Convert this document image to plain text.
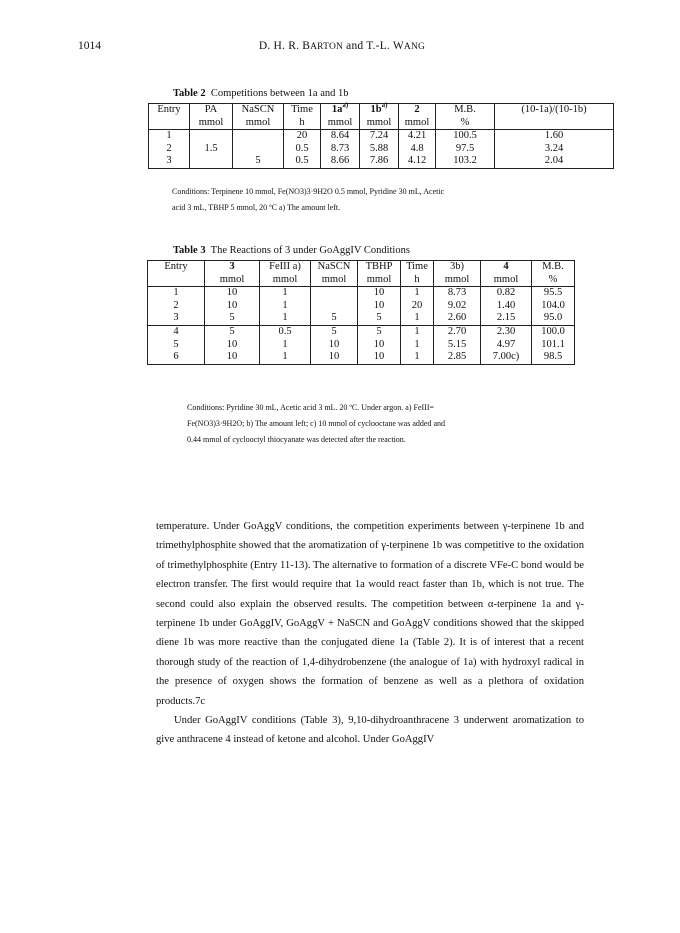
1014	D. H. R. BARTON and T.-L. WANG
Table 2 Competitions between 1a and 1b
Entry	PA	NaSCN	Time	$1a^{a)}$	$1b^{a)}$	2	M.B.	(10-1a)/(10-1b)
	mmol	mmol	h	mmol	mmol	mmol	%	
1			20	8.64	7.24	4.21	100.5	1.60
2	1.5		0.5	8.73	5.88	4.8	97.5	3.24
3		5	0.5	8.66	7.86	4.12	103.2	2.04
Conditions: Terpinene 10 mmol, Fe(NO3)3·9H2O 0.5 mmol, Pyridine 30 mL, Acetic
acid 3 mL, TBHP 5 mmol, 20 ºC a) The amount left.
Table 3 The Reactions of 3 under GoAggIV Conditions
Entry	3	FeIII a)	NaSCN	TBHP	Time	3b)	4	M.B.
	mmol	mmol	mmol	mmol	h	mmol	mmol	%
1	10	1		10	1	8.73	0.82	95.5
2	10	1		10	20	9.02	1.40	104.0
3	5	1	5	5	1	2.60	2.15	95.0
4	5	0.5	5	5	1	2.70	2.30	100.0
5	10	1	10	10	1	5.15	4.97	101.1
6	10	1	10	10	1	2.85	7.00c)	98.5
Conditions: Pyridine 30 mL, Acetic acid 3 mL. 20 ºC. Under argon. a) FeIII=
Fe(NO3)3·9H2O; b) The amount left; c) 10 mmol of cyclooctane was added and
0.44 mmol of cyclooctyl thiocyanate was detected after the reaction.

temperature. Under GoAggV conditions, the competition experiments between γ-terpinene 1b and trimethylphosphite showed that the aromatization of γ-terpinene 1b was competitive to the oxidation of trimethylphosphite (Entry 11-13). The alternative to formation of a discrete VFe-C bond would be electron transfer. The first would require that 1a would react faster than 1b, which is not true. The second could also explain the observed results. The competition between α-terpinene 1a and γ-terpinene 1b under GoAggIV, GoAggV + NaSCN and GoAggV conditions showed that the skipped diene 1b was more reactive than the conjugated diene 1a (Table 2). It is of interest that a recent thorough study of the reaction of 1,4-dihydrobenzene (the analogue of 1a) with hydroxyl radical in the presence of oxygen shows the formation of benzene as well as a plethora of oxidation products.7c

Under GoAggIV conditions (Table 3), 9,10-dihydroanthracene 3 underwent aromatization to give anthracene 4 instead of ketone and alcohol. Under GoAggIV
